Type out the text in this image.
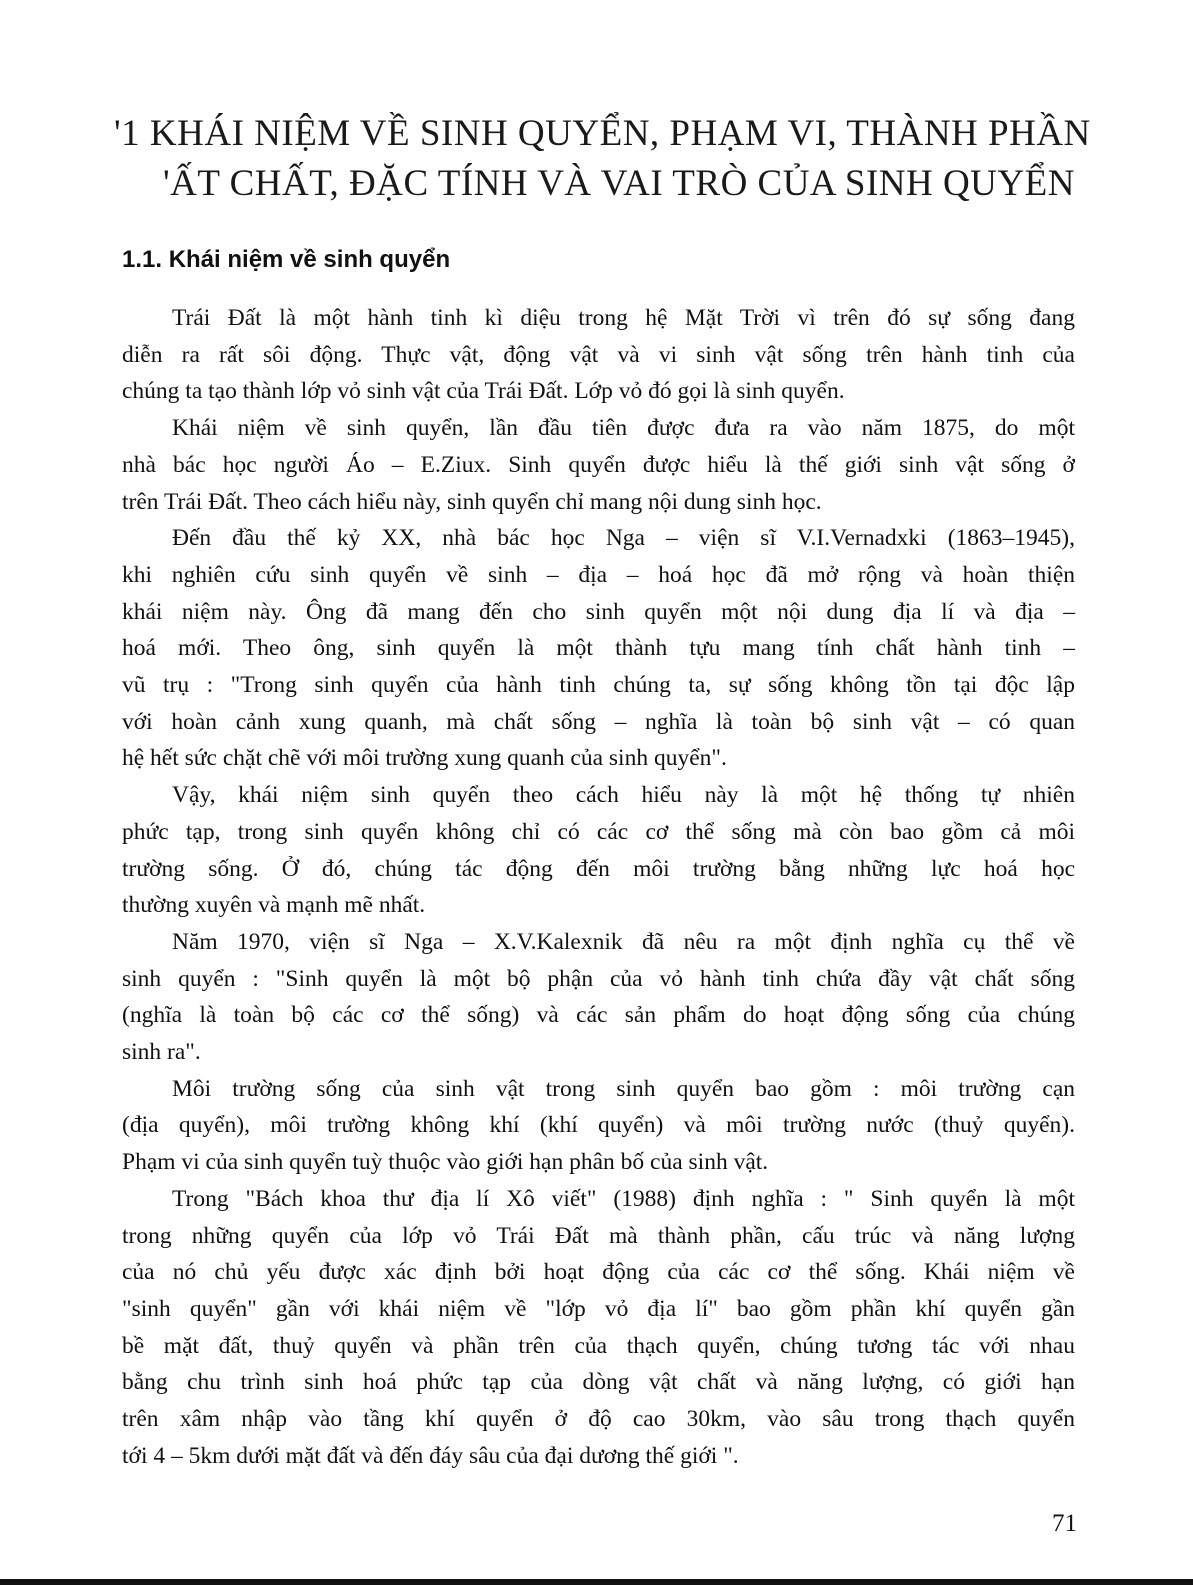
'1 KHÁI NIỆM VỀ SINH QUYỂN, PHẠM VI, THÀNH PHẦN
'ẤT CHẤT, ĐẶC TÍNH VÀ VAI TRÒ CỦA SINH QUYỂN
1.1. Khái niệm về sinh quyển
Trái Đất là một hành tinh kì diệu trong hệ Mặt Trời vì trên đó sự sống đang
diễn ra rất sôi động. Thực vật, động vật và vi sinh vật sống trên hành tinh của
chúng ta tạo thành lớp vỏ sinh vật của Trái Đất. Lớp vỏ đó gọi là sinh quyển.
Khái niệm về sinh quyển, lần đầu tiên được đưa ra vào năm 1875, do một
nhà bác học người Áo – E.Ziux. Sinh quyển được hiểu là thế giới sinh vật sống ở
trên Trái Đất. Theo cách hiểu này, sinh quyển chỉ mang nội dung sinh học.
Đến đầu thế kỷ XX, nhà bác học Nga – viện sĩ V.I.Vernadxki (1863–1945),
khi nghiên cứu sinh quyển về sinh – địa – hoá học đã mở rộng và hoàn thiện
khái niệm này. Ông đã mang đến cho sinh quyển một nội dung địa lí và địa –
hoá mới. Theo ông, sinh quyển là một thành tựu mang tính chất hành tinh –
vũ trụ : "Trong sinh quyển của hành tinh chúng ta, sự sống không tồn tại độc lập
với hoàn cảnh xung quanh, mà chất sống – nghĩa là toàn bộ sinh vật – có quan
hệ hết sức chặt chẽ với môi trường xung quanh của sinh quyển".
Vậy, khái niệm sinh quyển theo cách hiểu này là một hệ thống tự nhiên
phức tạp, trong sinh quyển không chỉ có các cơ thể sống mà còn bao gồm cả môi
trường sống. Ở đó, chúng tác động đến môi trường bằng những lực hoá học
thường xuyên và mạnh mẽ nhất.
Năm 1970, viện sĩ Nga – X.V.Kalexnik đã nêu ra một định nghĩa cụ thể về
sinh quyển : "Sinh quyển là một bộ phận của vỏ hành tinh chứa đầy vật chất sống
(nghĩa là toàn bộ các cơ thể sống) và các sản phẩm do hoạt động sống của chúng
sinh ra".
Môi trường sống của sinh vật trong sinh quyển bao gồm : môi trường cạn
(địa quyển), môi trường không khí (khí quyển) và môi trường nước (thuỷ quyển).
Phạm vi của sinh quyển tuỳ thuộc vào giới hạn phân bố của sinh vật.
Trong "Bách khoa thư địa lí Xô viết" (1988) định nghĩa : " Sinh quyển là một
trong những quyển của lớp vỏ Trái Đất mà thành phần, cấu trúc và năng lượng
của nó chủ yếu được xác định bởi hoạt động của các cơ thể sống. Khái niệm về
"sinh quyển" gần với khái niệm về "lớp vỏ địa lí" bao gồm phần khí quyển gần
bề mặt đất, thuỷ quyển và phần trên của thạch quyển, chúng tương tác với nhau
bằng chu trình sinh hoá phức tạp của dòng vật chất và năng lượng, có giới hạn
trên xâm nhập vào tầng khí quyển ở độ cao 30km, vào sâu trong thạch quyển
tới 4 – 5km dưới mặt đất và đến đáy sâu của đại dương thế giới ".
71
